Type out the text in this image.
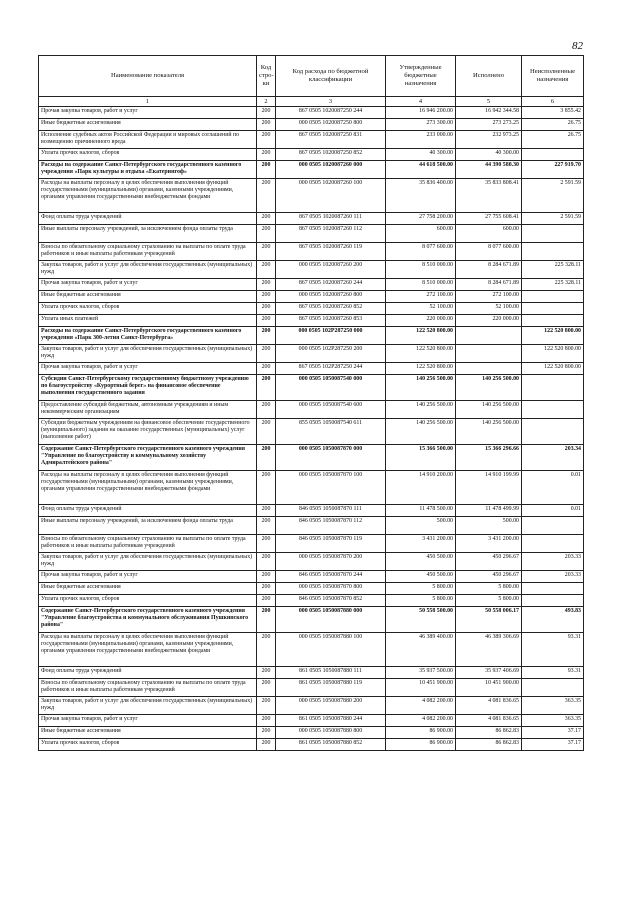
82
Наименование показателя	Код стро-ки	Код расхода по бюджетной классификации	Утвержденные бюджетные назначения	Исполнено	Неисполненные назначения
1	2	3	4	5	6
Прочая закупка товаров, работ и услуг	200	867 0505 1020087250 244	16 946 200.00	16 942 344.58	3 855.42
Иные бюджетные ассигнования	200	000 0505 1020087250 800	273 300.00	273 273.25	26.75
Исполнение судебных актов Российской Федерации и мировых соглашений по возмещению причиненного вреда	200	867 0505 1020087250 831	233 000.00	232 973.25	26.75
Уплата прочих налогов, сборов	200	867 0505 1020087250 852	40 300.00	40 300.00	
Расходы на содержание Санкт-Петербургского государственного казенного учреждения «Парк культуры и отдыха «Екатерингоф»	200	000 0505 1020087260 000	44 618 500.00	44 390 580.30	227 919.70
Расходы на выплаты персоналу в целях обеспечения выполнения функций государственными (муниципальными) органами, казенными учреждениями, органами управления государственными внебюджетными фондами	200	000 0505 1020087260 100	35 836 400.00	35 833 808.41	2 591.59
Фонд оплаты труда учреждений	200	867 0505 1020087260 111	27 758 200.00	27 755 608.41	2 591.59
Иные выплаты персоналу учреждений, за исключением фонда оплаты труда	200	867 0505 1020087260 112	600.00	600.00	
Взносы по обязательному социальному страхованию на выплаты по оплате труда работников и иные выплаты работникам учреждений	200	867 0505 1020087260 119	8 077 600.00	8 077 600.00	
Закупка товаров, работ и услуг для обеспечения государственных (муниципальных) нужд	200	000 0505 1020087260 200	8 510 000.00	8 284 671.89	225 328.11
Прочая закупка товаров, работ и услуг	200	867 0505 1020087260 244	8 510 000.00	8 284 671.89	225 328.11
Иные бюджетные ассигнования	200	000 0505 1020087260 800	272 100.00	272 100.00	
Уплата прочих налогов, сборов	200	867 0505 1020087260 852	52 100.00	52 100.00	
Уплата иных платежей	200	867 0505 1020087260 853	220 000.00	220 000.00	
Расходы на содержание Санкт-Петербургского государственного казенного учреждения «Парк 300-летия Санкт-Петербурга»	200	000 0505 102Р287250 000	122 520 800.00		122 520 800.00
Закупка товаров, работ и услуг для обеспечения государственных (муниципальных) нужд	200	000 0505 102Р287250 200	122 520 800.00		122 520 800.00
Прочая закупка товаров, работ и услуг	200	867 0505 102Р287250 244	122 520 800.00		122 520 800.00
Субсидии Санкт-Петербургскому государственному бюджетному учреждению по благоустройству «Курортный берег» на финансовое обеспечение выполнения государственного задания	200	000 0505 1050087540 000	140 256 500.00	140 256 500.00	
Предоставление субсидий бюджетным, автономным учреждениям и иным некоммерческим организациям	200	000 0505 1050087540 600	140 256 500.00	140 256 500.00	
Субсидии бюджетным учреждениям на финансовое обеспечение государственного (муниципального) задания на оказание государственных (муниципальных) услуг (выполнение работ)	200	855 0505 1050087540 611	140 256 500.00	140 256 500.00	
Содержание Санкт-Петербургского государственного казенного учреждения "Управление по благоустройству и коммунальному хозяйству Адмиралтейского района"	200	000 0505 1050087870 000	15 366 500.00	15 366 296.66	203.34
Расходы на выплаты персоналу в целях обеспечения выполнения функций государственными (муниципальными) органами, казенными учреждениями, органами управления государственными внебюджетными фондами	200	000 0505 1050087870 100	14 910 200.00	14 910 199.99	0.01
Фонд оплаты труда учреждений	200	846 0505 1050087870 111	11 478 500.00	11 478 499.99	0.01
Иные выплаты персоналу учреждений, за исключением фонда оплаты труда	200	846 0505 1050087870 112	500.00	500.00	
Взносы по обязательному социальному страхованию на выплаты по оплате труда работников и иные выплаты работникам учреждений	200	846 0505 1050087870 119	3 431 200.00	3 431 200.00	
Закупка товаров, работ и услуг для обеспечения государственных (муниципальных) нужд	200	000 0505 1050087870 200	450 500.00	450 296.67	203.33
Прочая закупка товаров, работ и услуг	200	846 0505 1050087870 244	450 500.00	450 296.67	203.33
Иные бюджетные ассигнования	200	000 0505 1050087870 800	5 800.00	5 800.00	
Уплата прочих налогов, сборов	200	846 0505 1050087870 852	5 800.00	5 800.00	
Содержание Санкт-Петербургского государственного казенного учреждения "Управление благоустройства и коммунального обслуживания Пушкинского района"	200	000 0505 1050087880 000	50 558 500.00	50 558 006.17	493.83
Расходы на выплаты персоналу в целях обеспечения выполнения функций государственными (муниципальными) органами, казенными учреждениями, органами управления государственными внебюджетными фондами	200	000 0505 1050087880 100	46 389 400.00	46 389 306.69	93.31
Фонд оплаты труда учреждений	200	861 0505 1050087880 111	35 937 500.00	35 937 406.69	93.31
Взносы по обязательному социальному страхованию на выплаты по оплате труда работников и иные выплаты работникам учреждений	200	861 0505 1050087880 119	10 451 900.00	10 451 900.00	
Закупка товаров, работ и услуг для обеспечения государственных (муниципальных) нужд	200	000 0505 1050087880 200	4 082 200.00	4 081 836.65	363.35
Прочая закупка товаров, работ и услуг	200	861 0505 1050087880 244	4 082 200.00	4 081 836.65	363.35
Иные бюджетные ассигнования	200	000 0505 1050087880 800	86 900.00	86 862.83	37.17
Уплата прочих налогов, сборов	200	861 0505 1050087880 852	86 900.00	86 862.83	37.17
